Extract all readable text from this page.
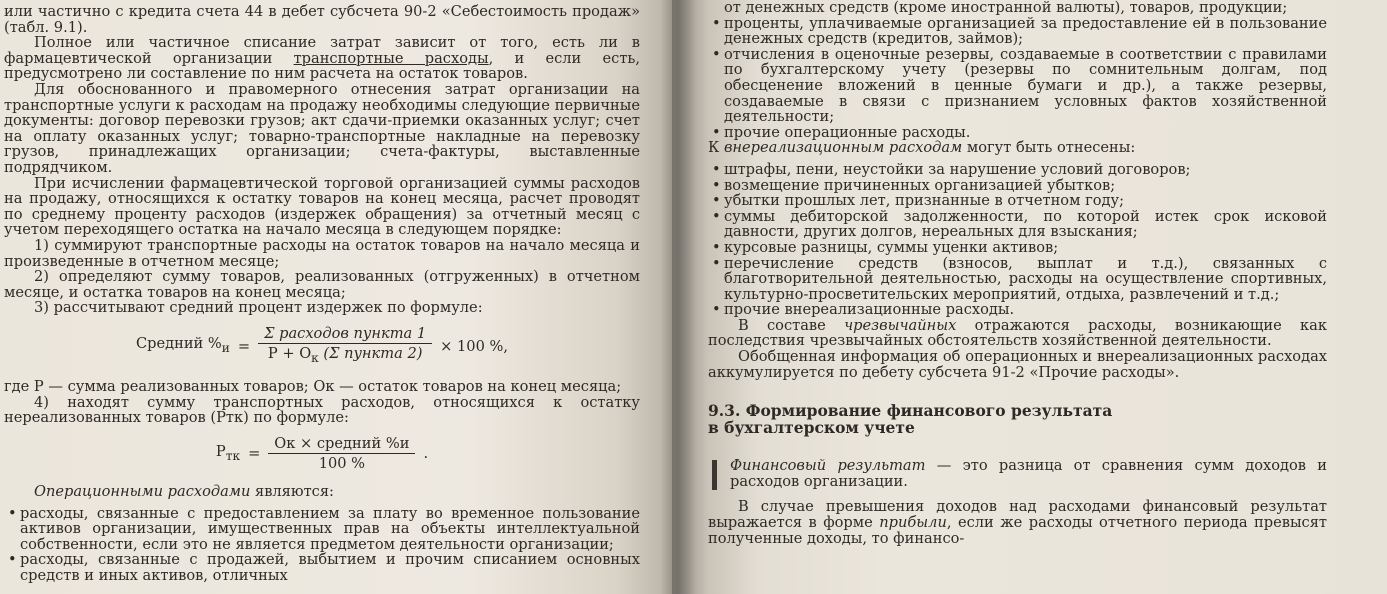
или частично с кредита счета 44 в дебет субсчета 90-2 «Себестоимость продаж» (табл. 9.1).

Полное или частичное списание затрат зависит от того, есть ли в фармацевтической организации транспортные расходы, и если есть, предусмотрено ли составление по ним расчета на остаток товаров.

Для обоснованного и правомерного отнесения затрат организации на транспортные услуги к расходам на продажу необходимы следующие первичные документы: договор перевозки грузов; акт сдачи-приемки оказанных услуг; счет на оплату оказанных услуг; товарно-транспортные накладные на перевозку грузов, принадлежащих организации; счета-фактуры, выставленные подрядчиком.

При исчислении фармацевтической торговой организацией суммы расходов на продажу, относящихся к остатку товаров на конец месяца, расчет проводят по среднему проценту расходов (издержек обращения) за отчетный месяц с учетом переходящего остатка на начало месяца в следующем порядке:

1) суммируют транспортные расходы на остаток товаров на начало месяца и произведенные в отчетном месяце;

2) определяют сумму товаров, реализованных (отгруженных) в отчетном месяце, и остатка товаров на конец месяца;

3) рассчитывают средний процент издержек по формуле:

Средний $\%_и = \frac{\text{Σ расходов пункта 1}}{P + O_к (\Sigma пункта 2)} \times 100$ %,

где P — сумма реализованных товаров; Oк — остаток товаров на конец месяца;

4) находят сумму транспортных расходов, относящихся к остатку нереализованных товаров (Pтк) по формуле:

$P_{тк} = \frac{\text{Oк × средний \%и}}{100 \%}$ .

Операционными расходами являются:

• расходы, связанные с предоставлением за плату во временное пользование активов организации, имущественных прав на объекты интеллектуальной собственности, если это не является предметом деятельности организации;
• расходы, связанные с продажей, выбытием и прочим списанием основных средств и иных активов, отличных

от денежных средств (кроме иностранной валюты), товаров, продукции;

• проценты, уплачиваемые организацией за предоставление ей в пользование денежных средств (кредитов, займов);
• отчисления в оценочные резервы, создаваемые в соответствии с правилами по бухгалтерскому учету (резервы по сомнительным долгам, под обесценение вложений в ценные бумаги и др.), а также резервы, создаваемые в связи с признанием условных фактов хозяйственной деятельности;
• прочие операционные расходы.

К внереализационным расходам могут быть отнесены:

• штрафы, пени, неустойки за нарушение условий договоров;
• возмещение причиненных организацией убытков;
• убытки прошлых лет, признанные в отчетном году;
• суммы дебиторской задолженности, по которой истек срок исковой давности, других долгов, нереальных для взыскания;
• курсовые разницы, суммы уценки активов;
• перечисление средств (взносов, выплат и т.д.), связанных с благотворительной деятельностью, расходы на осуществление спортивных, культурно-просветительских мероприятий, отдыха, развлечений и т.д.;
• прочие внереализационные расходы.

В составе чрезвычайных отражаются расходы, возникающие как последствия чрезвычайных обстоятельств хозяйственной деятельности.

Обобщенная информация об операционных и внереализационных расходах аккумулируется по дебету субсчета 91-2 «Прочие расходы».

9.3. Формирование финансового результата
в бухгалтерском учете

Финансовый результат — это разница от сравнения сумм доходов и расходов организации.

В случае превышения доходов над расходами финансовый результат выражается в форме прибыли, если же расходы отчетного периода превысят полученные доходы, то финансо-
